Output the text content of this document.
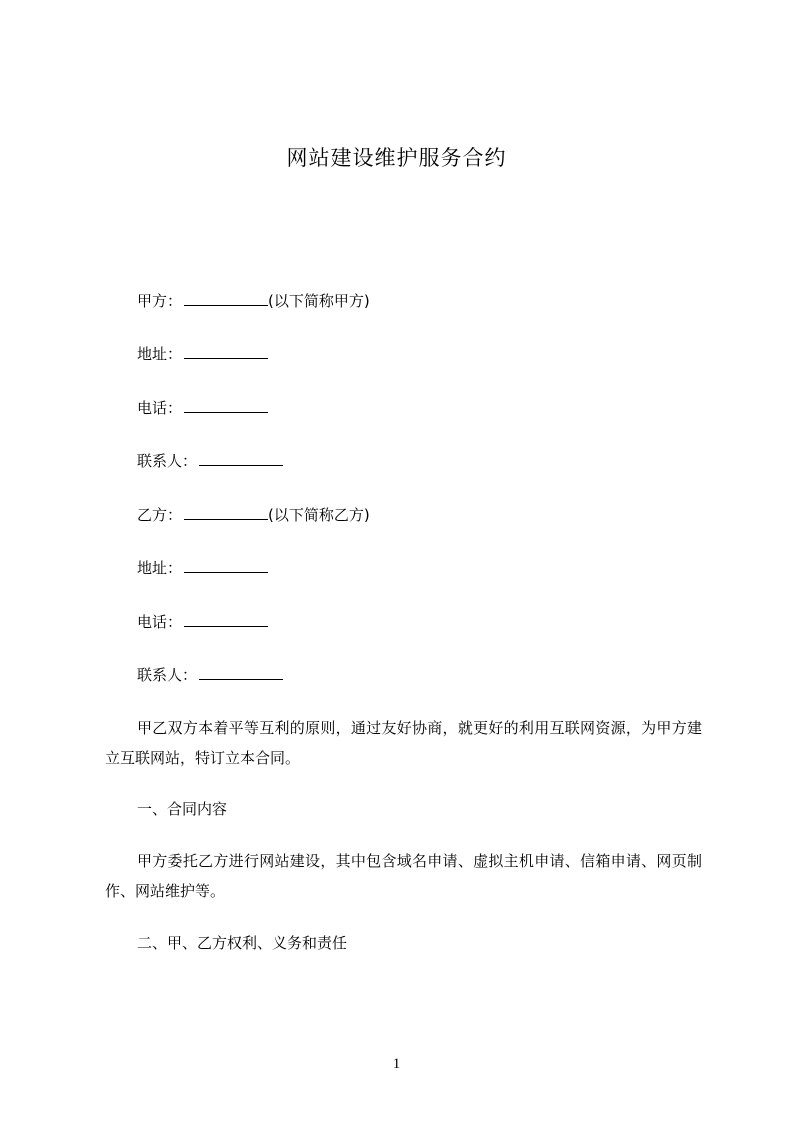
网站建设维护服务合约
甲方：	(以下简称甲方)
地址：
电话：
联系人：
乙方：	(以下简称乙方)
地址：
电话：
联系人：
甲乙双方本着平等互利的原则，通过友好协商，就更好的利用互联网资源，为甲方建立互联网站，特订立本合同。
一、合同内容
甲方委托乙方进行网站建设，其中包含域名申请、虚拟主机申请、信箱申请、网页制作、网站维护等。
二、甲、乙方权利、义务和责任
1
